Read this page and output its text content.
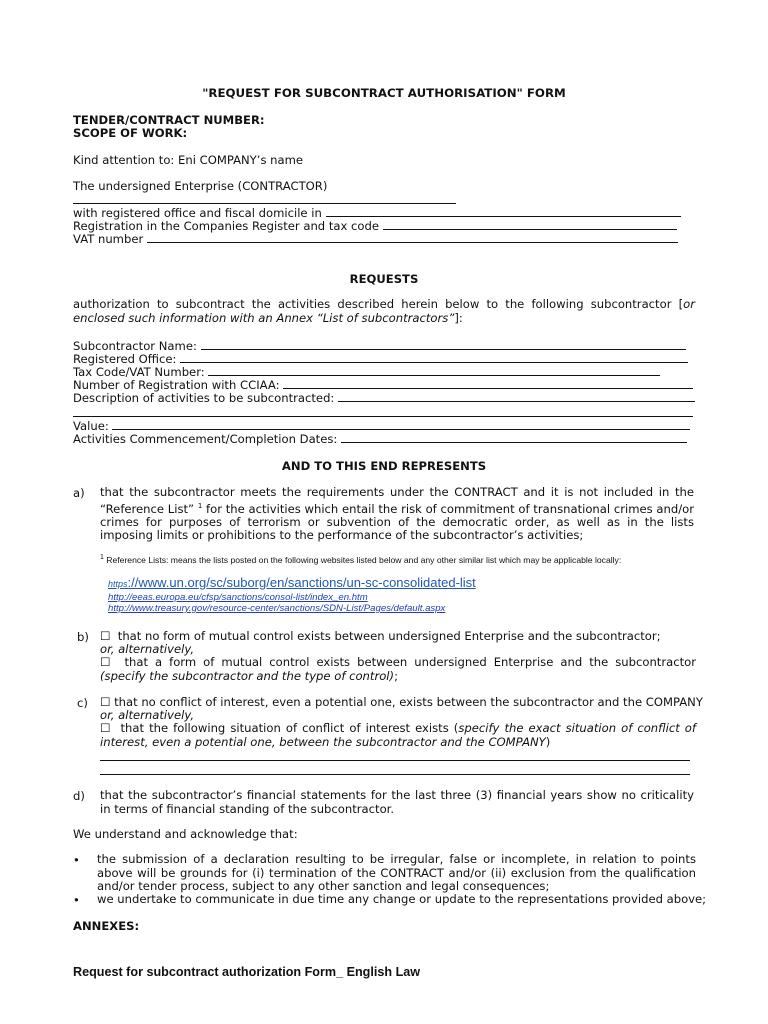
"REQUEST FOR SUBCONTRACT AUTHORISATION" FORM
TENDER/CONTRACT NUMBER:
SCOPE OF WORK:
Kind attention to: Eni COMPANY’s name
The undersigned Enterprise (CONTRACTOR)
with registered office and fiscal domicile in
Registration in the Companies Register and tax code
VAT number
REQUESTS
authorization to subcontract the activities described herein below to the following subcontractor [or enclosed such information with an Annex “List of subcontractors”]:
Subcontractor Name:
Registered Office:
Tax Code/VAT Number:
Number of Registration with CCIAA:
Description of activities to be subcontracted:
Value:
Activities Commencement/Completion Dates:
AND TO THIS END REPRESENTS
a) that the subcontractor meets the requirements under the CONTRACT and it is not included in the “Reference List” $^1$ for the activities which entail the risk of commitment of transnational crimes and/or crimes for purposes of terrorism or subvention of the democratic order, as well as in the lists imposing limits or prohibitions to the performance of the subcontractor’s activities;
$^1$ Reference Lists: means the lists posted on the following websites listed below and any other similar list which may be applicable locally:
https://www.un.org/sc/suborg/en/sanctions/un-sc-consolidated-list
http://eeas.europa.eu/cfsp/sanctions/consol-list/index_en.htm
http://www.treasury.gov/resource-center/sanctions/SDN-List/Pages/default.aspx
b) ☐ that no form of mutual control exists between undersigned Enterprise and the subcontractor;
or, alternatively,
☐ that a form of mutual control exists between undersigned Enterprise and the subcontractor (specify the subcontractor and the type of control);
c) ☐ that no conflict of interest, even a potential one, exists between the subcontractor and the COMPANY
or, alternatively,
☐ that the following situation of conflict of interest exists (specify the exact situation of conflict of interest, even a potential one, between the subcontractor and the COMPANY)
d) that the subcontractor’s financial statements for the last three (3) financial years show no criticality in terms of financial standing of the subcontractor.
We understand and acknowledge that:
• the submission of a declaration resulting to be irregular, false or incomplete, in relation to points above will be grounds for (i) termination of the CONTRACT and/or (ii) exclusion from the qualification and/or tender process, subject to any other sanction and legal consequences;
• we undertake to communicate in due time any change or update to the representations provided above;
ANNEXES:
Request for subcontract authorization Form_ English Law
